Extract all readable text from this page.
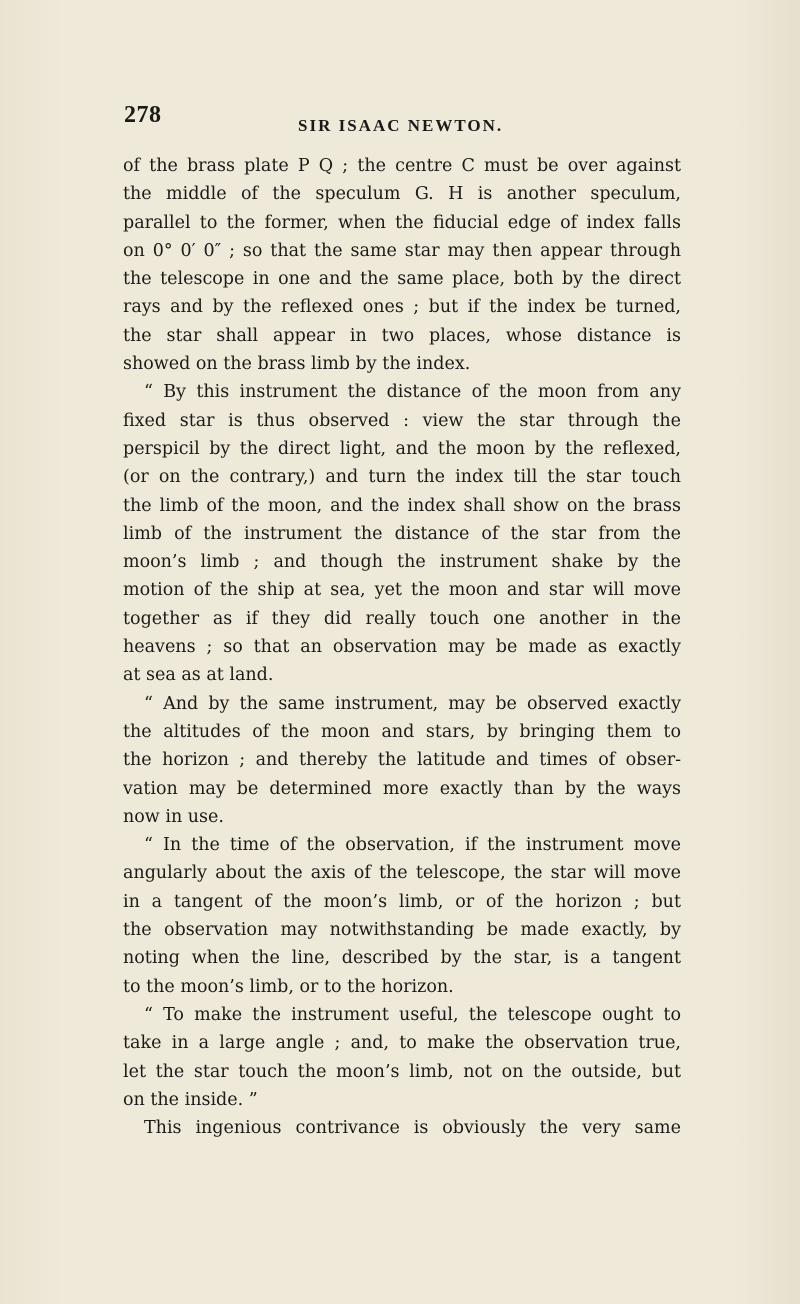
278	SIR ISAAC NEWTON.
of the brass plate P Q ; the centre C must be over against
the middle of the speculum G. H is another speculum,
parallel to the former, when the fiducial edge of index falls
on 0° 0′ 0″ ; so that the same star may then appear through
the telescope in one and the same place, both by the direct
rays and by the reflexed ones ; but if the index be turned,
the star shall appear in two places, whose distance is
showed on the brass limb by the index.
“ By this instrument the distance of the moon from any
fixed star is thus observed : view the star through the
perspicil by the direct light, and the moon by the reflexed,
(or on the contrary,) and turn the index till the star touch
the limb of the moon, and the index shall show on the brass
limb of the instrument the distance of the star from the
moon’s limb ; and though the instrument shake by the
motion of the ship at sea, yet the moon and star will move
together as if they did really touch one another in the
heavens ; so that an observation may be made as exactly
at sea as at land.
“ And by the same instrument, may be observed exactly
the altitudes of the moon and stars, by bringing them to
the horizon ; and thereby the latitude and times of obser-
vation may be determined more exactly than by the ways
now in use.
“ In the time of the observation, if the instrument move
angularly about the axis of the telescope, the star will move
in a tangent of the moon’s limb, or of the horizon ; but
the observation may notwithstanding be made exactly, by
noting when the line, described by the star, is a tangent
to the moon’s limb, or to the horizon.
“ To make the instrument useful, the telescope ought to
take in a large angle ; and, to make the observation true,
let the star touch the moon’s limb, not on the outside, but
on the inside. ”
This ingenious contrivance is obviously the very same
